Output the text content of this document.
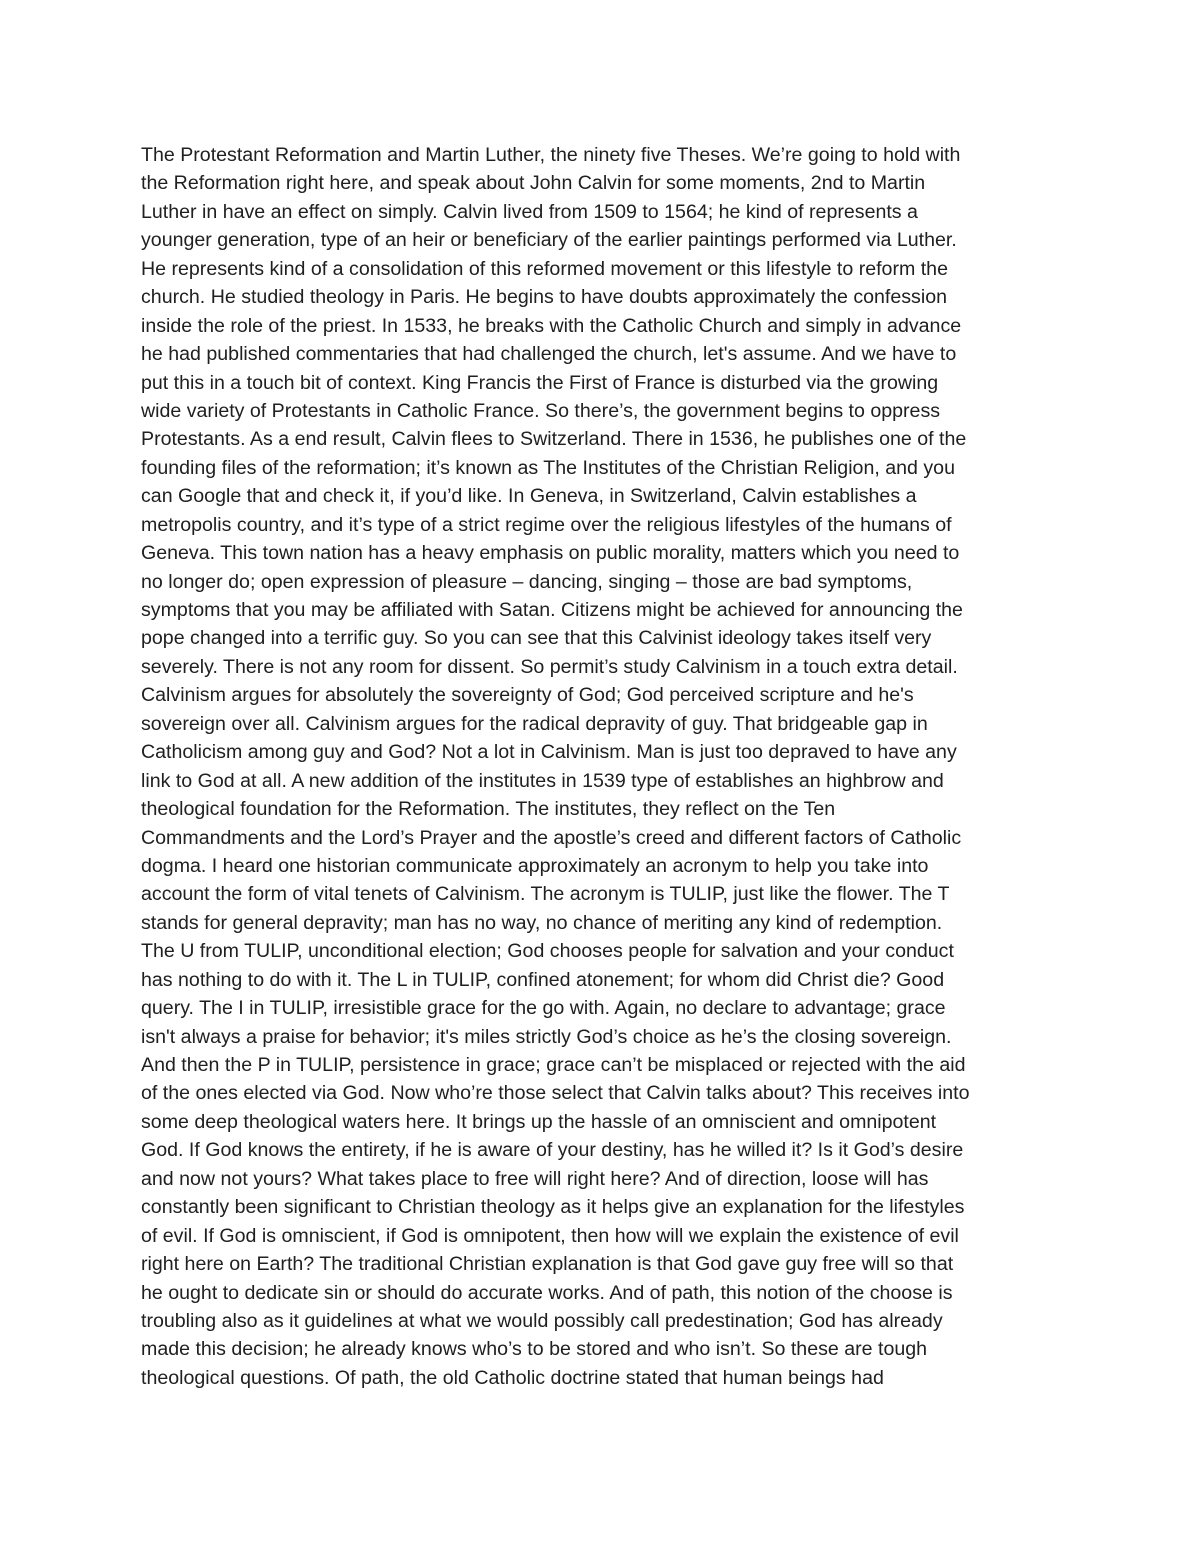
The Protestant Reformation and Martin Luther, the ninety five Theses. We’re going to hold with
the Reformation right here, and speak about John Calvin for some moments, 2nd to Martin
Luther in have an effect on simply. Calvin lived from 1509 to 1564; he kind of represents a
younger generation, type of an heir or beneficiary of the earlier paintings performed via Luther.
He represents kind of a consolidation of this reformed movement or this lifestyle to reform the
church. He studied theology in Paris. He begins to have doubts approximately the confession
inside the role of the priest. In 1533, he breaks with the Catholic Church and simply in advance
he had published commentaries that had challenged the church, let's assume. And we have to
put this in a touch bit of context. King Francis the First of France is disturbed via the growing
wide variety of Protestants in Catholic France. So there’s, the government begins to oppress
Protestants. As a end result, Calvin flees to Switzerland. There in 1536, he publishes one of the
founding files of the reformation; it’s known as The Institutes of the Christian Religion, and you
can Google that and check it, if you’d like. In Geneva, in Switzerland, Calvin establishes a
metropolis country, and it’s type of a strict regime over the religious lifestyles of the humans of
Geneva. This town nation has a heavy emphasis on public morality, matters which you need to
no longer do; open expression of pleasure – dancing, singing – those are bad symptoms,
symptoms that you may be affiliated with Satan. Citizens might be achieved for announcing the
pope changed into a terrific guy. So you can see that this Calvinist ideology takes itself very
severely. There is not any room for dissent. So permit’s study Calvinism in a touch extra detail.
Calvinism argues for absolutely the sovereignty of God; God perceived scripture and he's
sovereign over all. Calvinism argues for the radical depravity of guy. That bridgeable gap in
Catholicism among guy and God? Not a lot in Calvinism. Man is just too depraved to have any
link to God at all. A new addition of the institutes in 1539 type of establishes an highbrow and
theological foundation for the Reformation. The institutes, they reflect on the Ten
Commandments and the Lord’s Prayer and the apostle’s creed and different factors of Catholic
dogma. I heard one historian communicate approximately an acronym to help you take into
account the form of vital tenets of Calvinism. The acronym is TULIP, just like the flower. The T
stands for general depravity; man has no way, no chance of meriting any kind of redemption.
The U from TULIP, unconditional election; God chooses people for salvation and your conduct
has nothing to do with it. The L in TULIP, confined atonement; for whom did Christ die? Good
query. The I in TULIP, irresistible grace for the go with. Again, no declare to advantage; grace
isn't always a praise for behavior; it's miles strictly God’s choice as he’s the closing sovereign.
And then the P in TULIP, persistence in grace; grace can’t be misplaced or rejected with the aid
of the ones elected via God. Now who’re those select that Calvin talks about? This receives into
some deep theological waters here. It brings up the hassle of an omniscient and omnipotent
God. If God knows the entirety, if he is aware of your destiny, has he willed it? Is it God’s desire
and now not yours? What takes place to free will right here? And of direction, loose will has
constantly been significant to Christian theology as it helps give an explanation for the lifestyles
of evil. If God is omniscient, if God is omnipotent, then how will we explain the existence of evil
right here on Earth? The traditional Christian explanation is that God gave guy free will so that
he ought to dedicate sin or should do accurate works. And of path, this notion of the choose is
troubling also as it guidelines at what we would possibly call predestination; God has already
made this decision; he already knows who’s to be stored and who isn’t. So these are tough
theological questions. Of path, the old Catholic doctrine stated that human beings had
